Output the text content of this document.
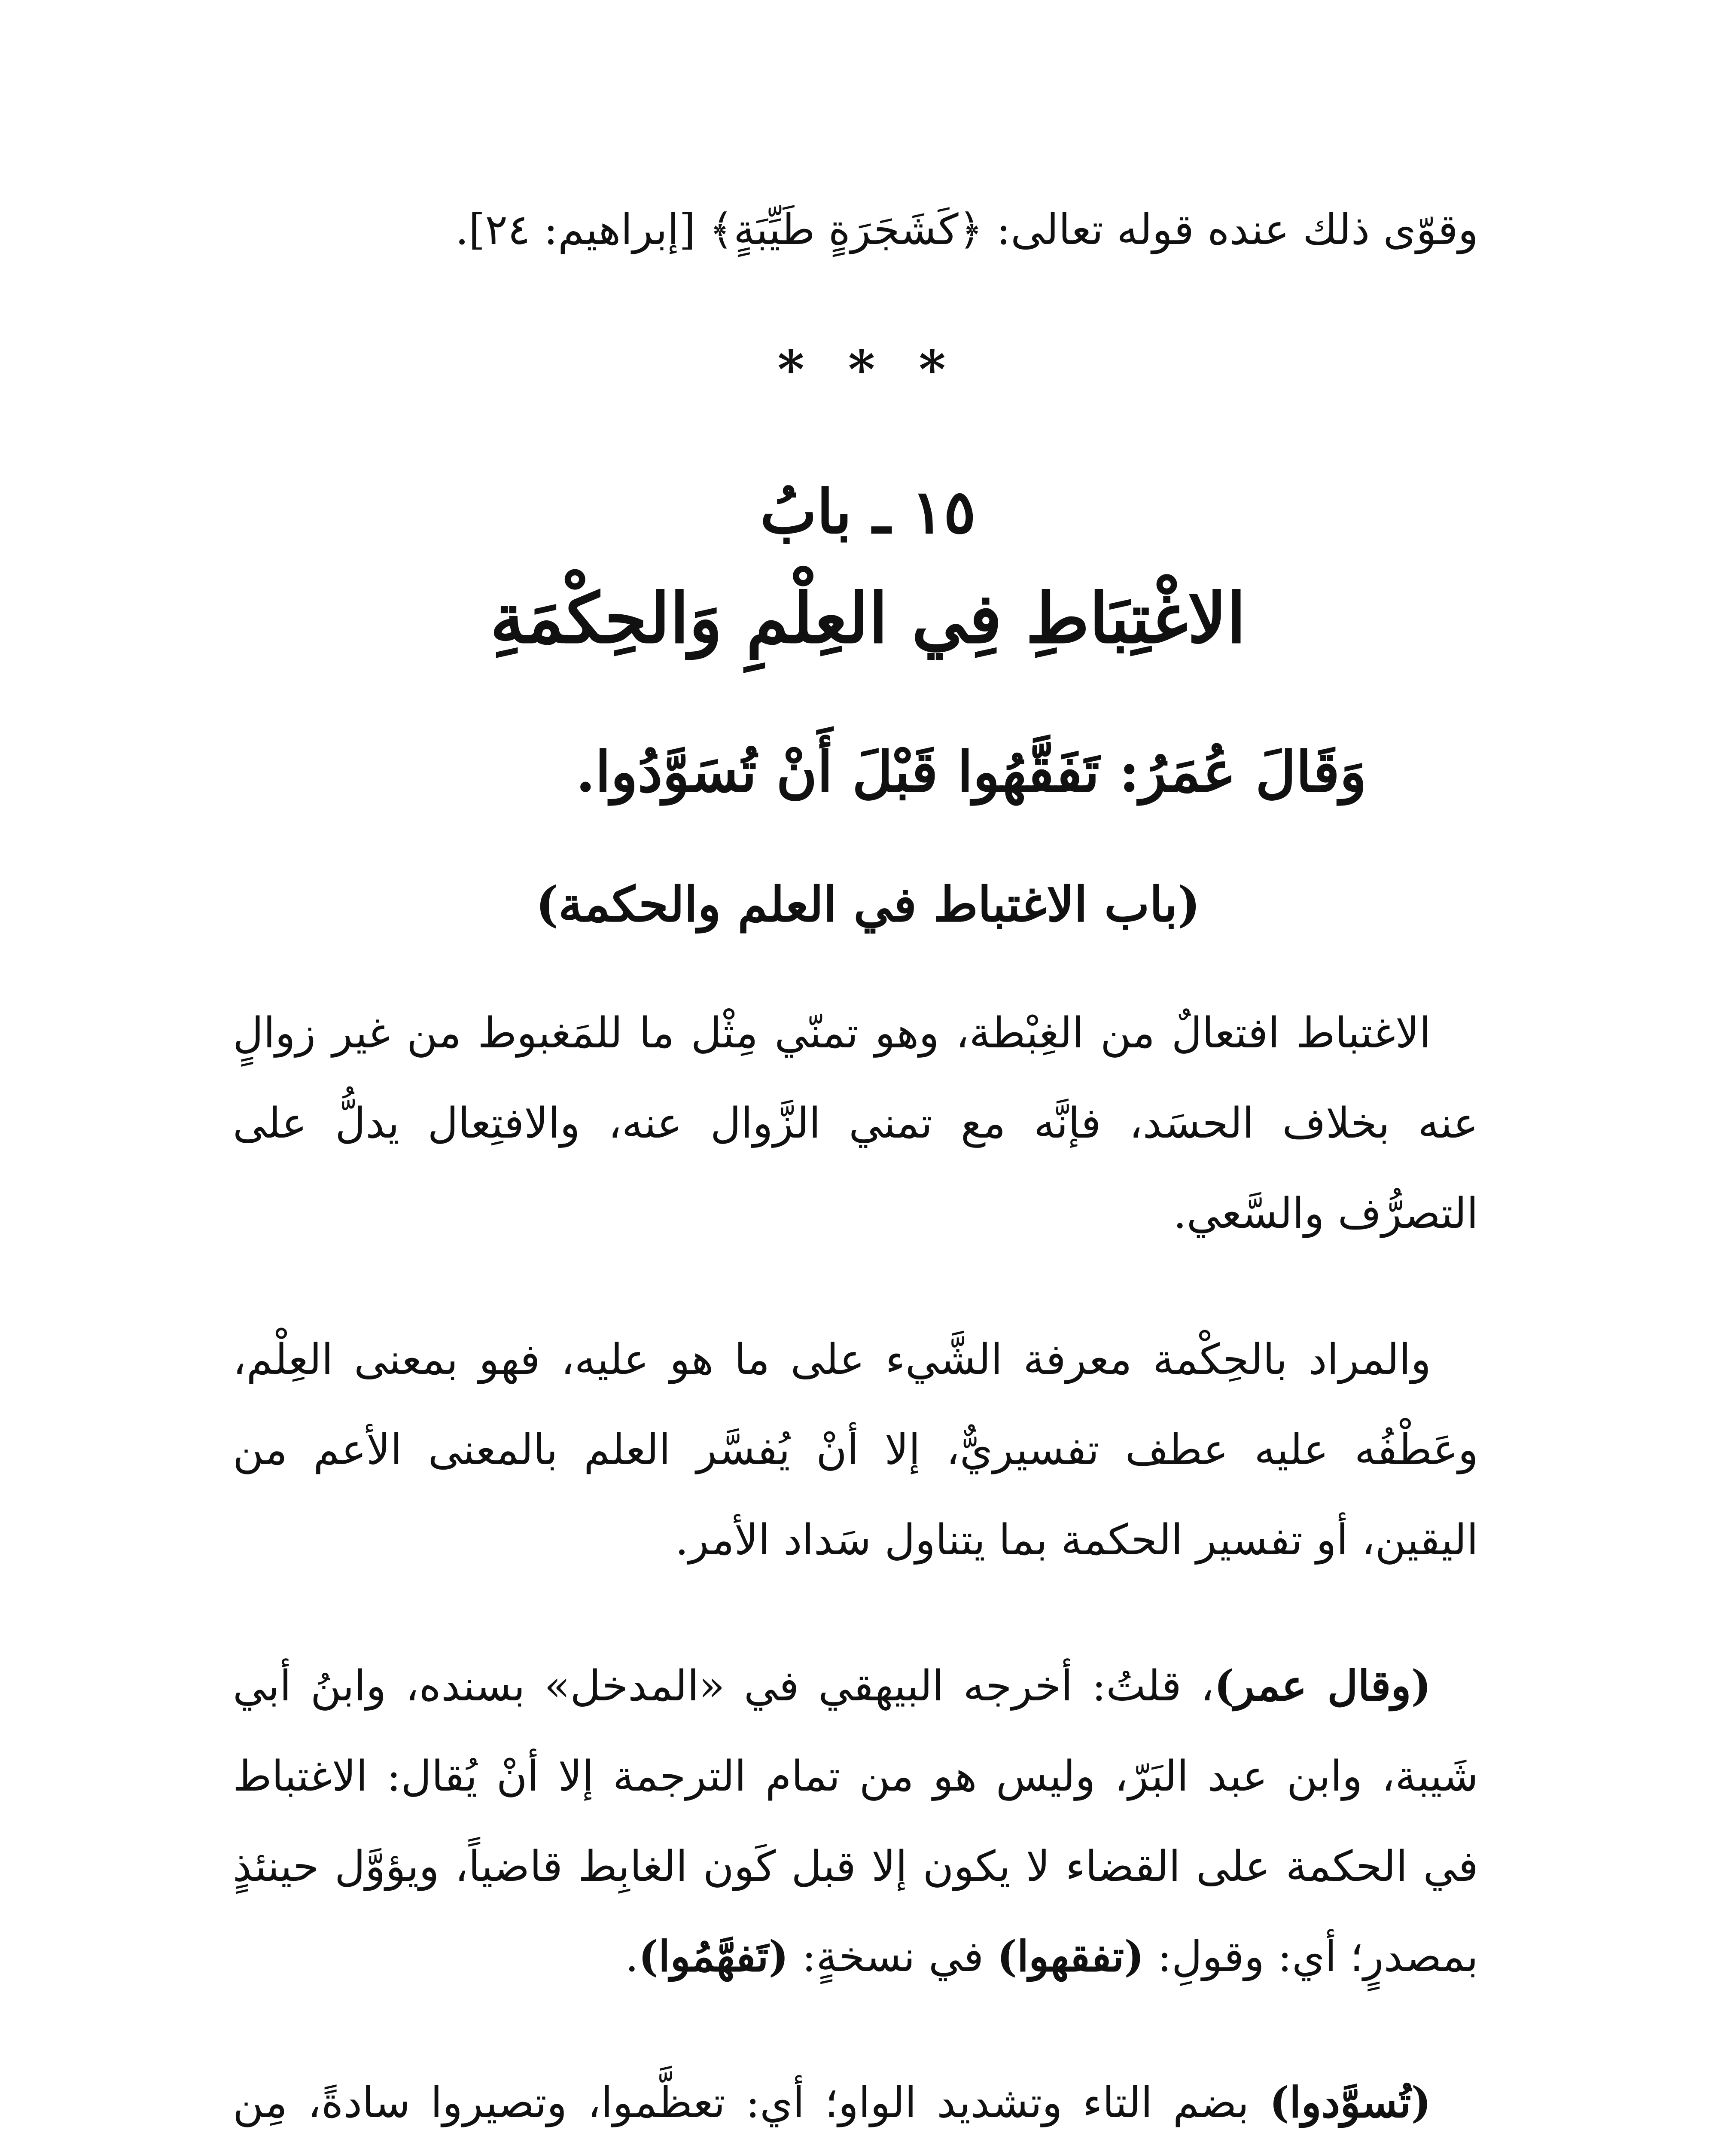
وقوّى ذلك عنده قوله تعالى: ﴿كَشَجَرَةٍ طَيِّبَةٍ﴾ [إبراهيم: ٢٤].
* * *
١٥ ـ بابُ
الاغْتِبَاطِ فِي العِلْمِ وَالحِكْمَةِ
وَقَالَ عُمَرُ: تَفَقَّهُوا قَبْلَ أَنْ تُسَوَّدُوا.
(باب الاغتباط في العلم والحكمة)
الاغتباط افتعالٌ من الغِبْطة، وهو تمنّي مِثْل ما للمَغبوط من غير زوالٍ عنه بخلاف الحسَد، فإنَّه مع تمني الزَّوال عنه، والافتِعال يدلُّ على التصرُّف والسَّعي.
والمراد بالحِكْمة معرفة الشَّيء على ما هو عليه، فهو بمعنى العِلْم، وعَطْفُه عليه عطف تفسيريٌّ، إلا أنْ يُفسَّر العلم بالمعنى الأعم من اليقين، أو تفسير الحكمة بما يتناول سَداد الأمر.
(وقال عمر)، قلتُ: أخرجه البيهقي في «المدخل» بسنده، وابنُ أبي شَيبة، وابن عبد البَرّ، وليس هو من تمام الترجمة إلا أنْ يُقال: الاغتباط في الحكمة على القضاء لا يكون إلا قبل كَون الغابِط قاضياً، ويؤوَّل حينئذٍ بمصدرٍ؛ أي: وقولِ: (تفقهوا) في نسخةٍ: (تَفهَّمُوا).
(تُسوَّدوا) بضم التاء وتشديد الواو؛ أي: تعظَّموا، وتصيروا سادةً، مِن
